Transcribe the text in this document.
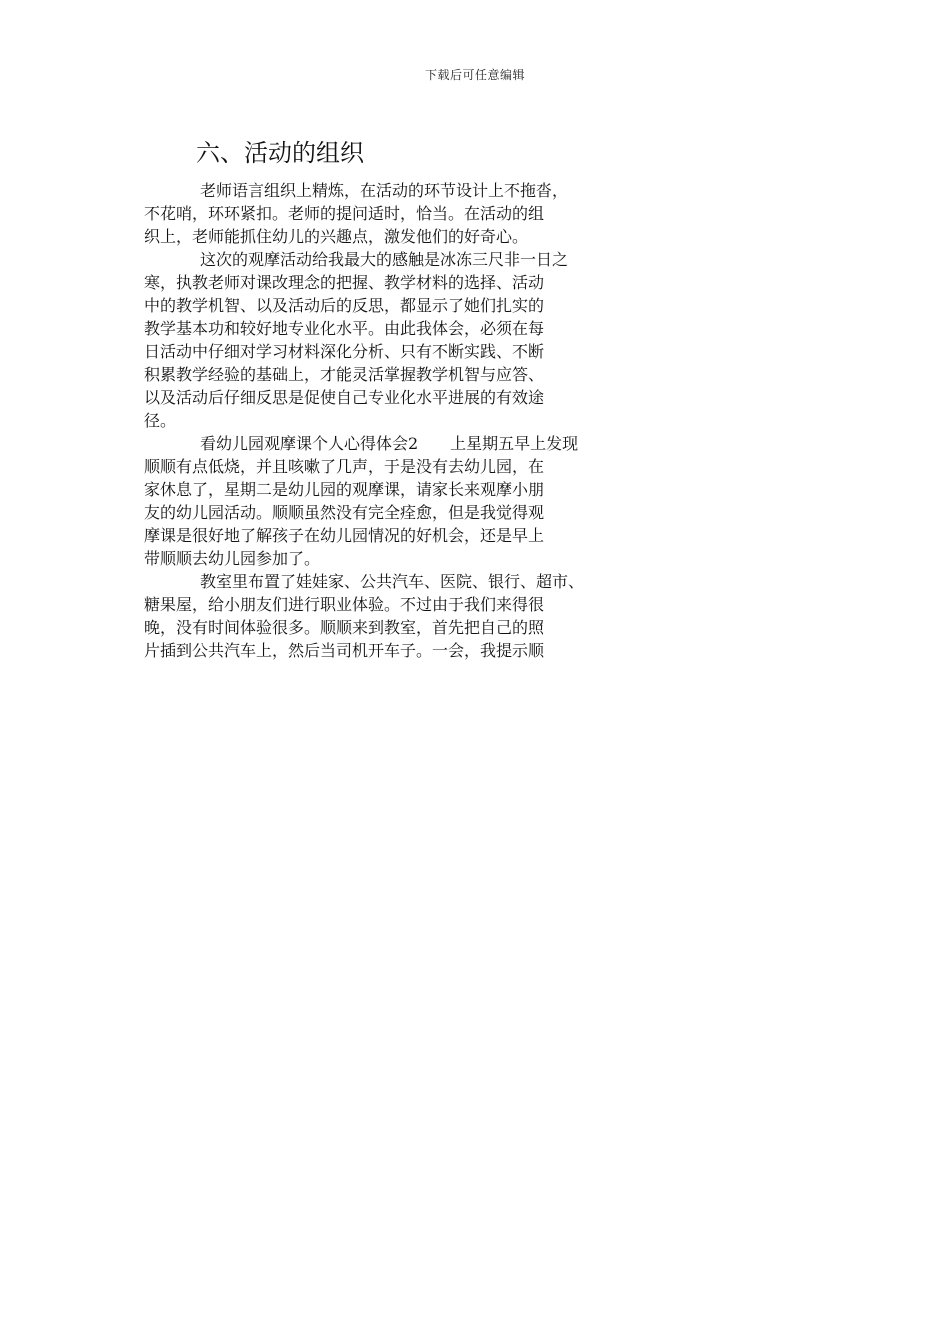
下载后可任意编辑
六、活动的组织
老师语言组织上精炼，在活动的环节设计上不拖沓，
不花哨，环环紧扣。老师的提问适时，恰当。在活动的组
织上，老师能抓住幼儿的兴趣点，激发他们的好奇心。
这次的观摩活动给我最大的感触是冰冻三尺非一日之
寒，执教老师对课改理念的把握、教学材料的选择、活动
中的教学机智、以及活动后的反思，都显示了她们扎实的
教学基本功和较好地专业化水平。由此我体会，必须在每
日活动中仔细对学习材料深化分析、只有不断实践、不断
积累教学经验的基础上，才能灵活掌握教学机智与应答、
以及活动后仔细反思是促使自己专业化水平进展的有效途
径。
看幼儿园观摩课个人心得体会2　　上星期五早上发现
顺顺有点低烧，并且咳嗽了几声，于是没有去幼儿园，在
家休息了，星期二是幼儿园的观摩课，请家长来观摩小朋
友的幼儿园活动。顺顺虽然没有完全痊愈，但是我觉得观
摩课是很好地了解孩子在幼儿园情况的好机会，还是早上
带顺顺去幼儿园参加了。
教室里布置了娃娃家、公共汽车、医院、银行、超市、
糖果屋，给小朋友们进行职业体验。不过由于我们来得很
晚，没有时间体验很多。顺顺来到教室，首先把自己的照
片插到公共汽车上，然后当司机开车子。一会，我提示顺
